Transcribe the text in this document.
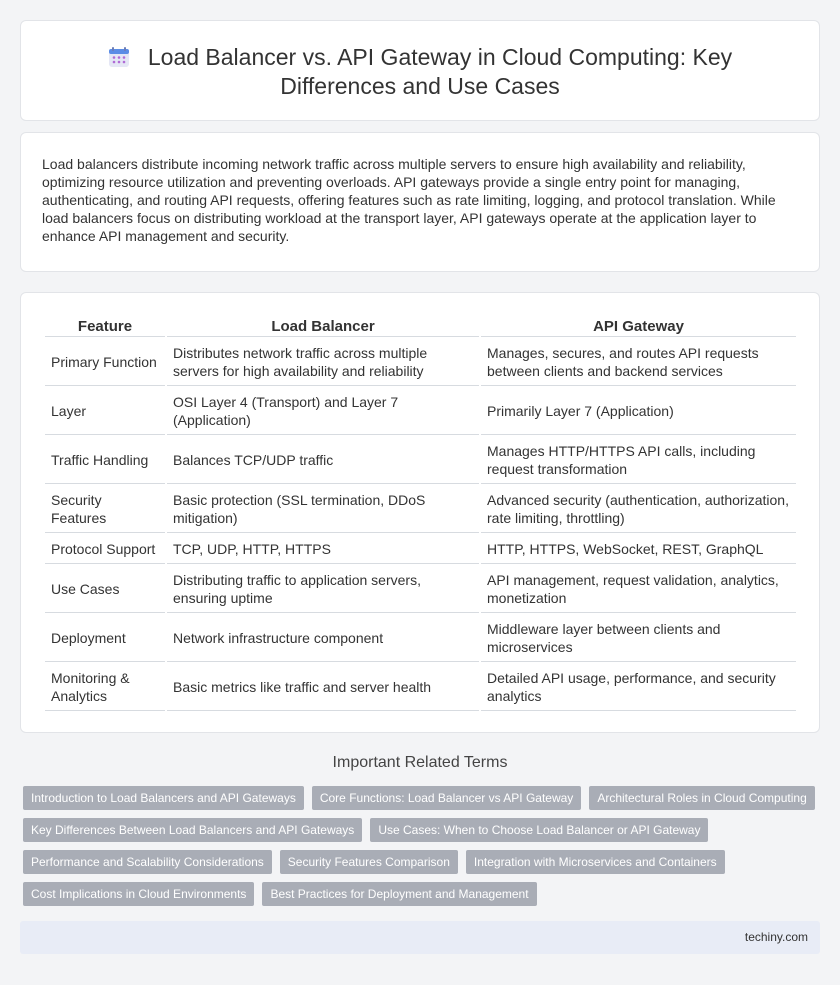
Load Balancer vs. API Gateway in Cloud Computing: Key Differences and Use Cases

Load balancers distribute incoming network traffic across multiple servers to ensure high availability and reliability, optimizing resource utilization and preventing overloads. API gateways provide a single entry point for managing, authenticating, and routing API requests, offering features such as rate limiting, logging, and protocol translation. While load balancers focus on distributing workload at the transport layer, API gateways operate at the application layer to enhance API management and security.

Feature	Load Balancer	API Gateway
Primary Function	Distributes network traffic across multiple servers for high availability and reliability	Manages, secures, and routes API requests between clients and backend services
Layer	OSI Layer 4 (Transport) and Layer 7 (Application)	Primarily Layer 7 (Application)
Traffic Handling	Balances TCP/UDP traffic	Manages HTTP/HTTPS API calls, including request transformation
Security Features	Basic protection (SSL termination, DDoS mitigation)	Advanced security (authentication, authorization, rate limiting, throttling)
Protocol Support	TCP, UDP, HTTP, HTTPS	HTTP, HTTPS, WebSocket, REST, GraphQL
Use Cases	Distributing traffic to application servers, ensuring uptime	API management, request validation, analytics, monetization
Deployment	Network infrastructure component	Middleware layer between clients and microservices
Monitoring & Analytics	Basic metrics like traffic and server health	Detailed API usage, performance, and security analytics
Important Related Terms
Introduction to Load Balancers and API Gateways	Core Functions: Load Balancer vs API Gateway	Architectural Roles in Cloud Computing
Key Differences Between Load Balancers and API Gateways	Use Cases: When to Choose Load Balancer or API Gateway
Performance and Scalability Considerations	Security Features Comparison	Integration with Microservices and Containers
Cost Implications in Cloud Environments	Best Practices for Deployment and Management
techiny.com
